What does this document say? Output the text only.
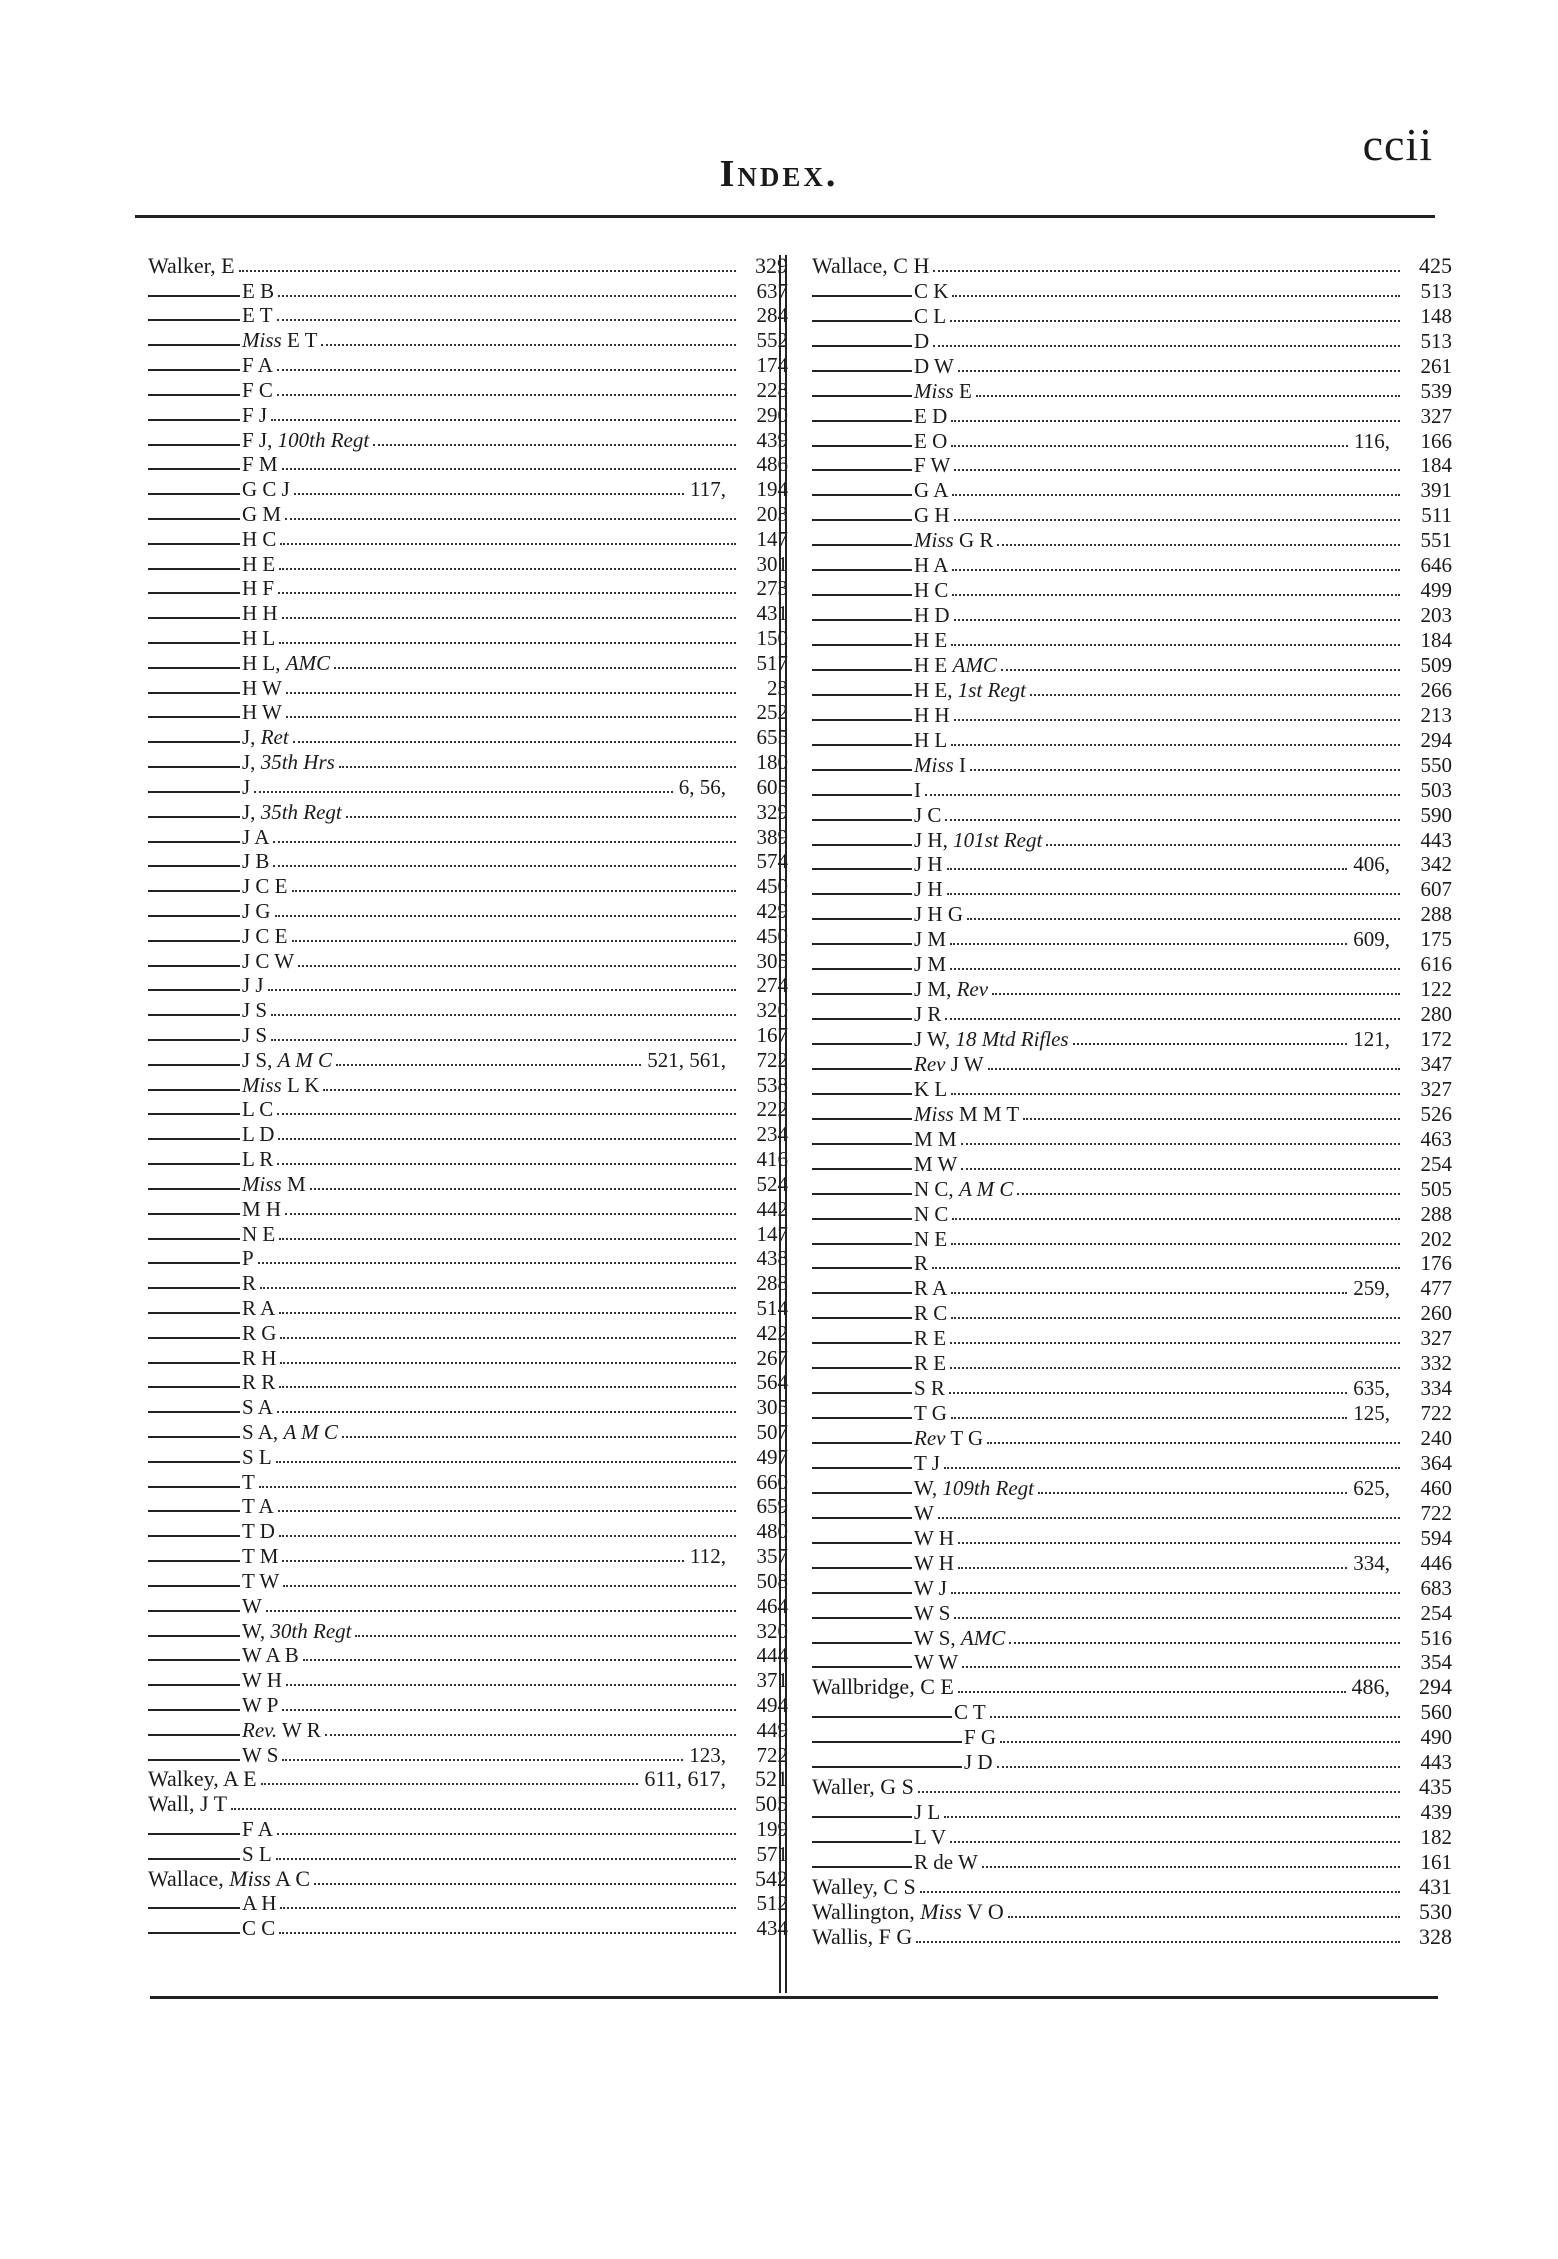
ccii
Index.
Walker, E	329
E B	637
E T	284
Miss E T	552
F A	174
F C	228
F J	290
F J, 100th Regt	439
F M	486
G C J	117,	194
G M	203
H C	147
H E	301
H F	273
H H	431
H L	150
H L, AMC	517
H W	23
H W	252
J, Ret	655
J, 35th Hrs	180
J	6, 56,	605
J, 35th Regt	329
J A	389
J B	574
J C E	450
J G	429
J C E	450
J C W	305
J J	274
J S	320
J S	167
J S, A M C	521, 561,	722
Miss L K	538
L C	222
L D	234
L R	416
Miss M	524
M H	442
N E	147
P	438
R	288
R A	514
R G	422
R H	267
R R	564
S A	305
S A, A M C	507
S L	497
T	660
T A	659
T D	480
T M	112,	357
T W	508
W	464
W, 30th Regt	320
W A B	444
W H	371
W P	494
Rev. W R	449
W S	123,	722
Walkey, A E	611, 617,	521
Wall, J T	505
F A	199
S L	571
Wallace, Miss A C	542
A H	512
C C	434
Wallace, C H	425
C K	513
C L	148
D	513
D W	261
Miss E	539
E D	327
E O	116,	166
F W	184
G A	391
G H	511
Miss G R	551
H A	646
H C	499
H D	203
H E	184
H E AMC	509
H E, 1st Regt	266
H H	213
H L	294
Miss I	550
I	503
J C	590
J H, 101st Regt	443
J H	406,	342
J H	607
J H G	288
J M	609,	175
J M	616
J M, Rev	122
J R	280
J W, 18 Mtd Rifles	121,	172
Rev J W	347
K L	327
Miss M M T	526
M M	463
M W	254
N C, A M C	505
N C	288
N E	202
R	176
R A	259,	477
R C	260
R E	327
R E	332
S R	635,	334
T G	125,	722
Rev T G	240
T J	364
W, 109th Regt	625,	460
W	722
W H	594
W H	334,	446
W J	683
W S	254
W S, AMC	516
W W	354
Wallbridge, C E	486,	294
C T	560
F G	490
J D	443
Waller, G S	435
J L	439
L V	182
R de W	161
Walley, C S	431
Wallington, Miss V O	530
Wallis, F G	328
